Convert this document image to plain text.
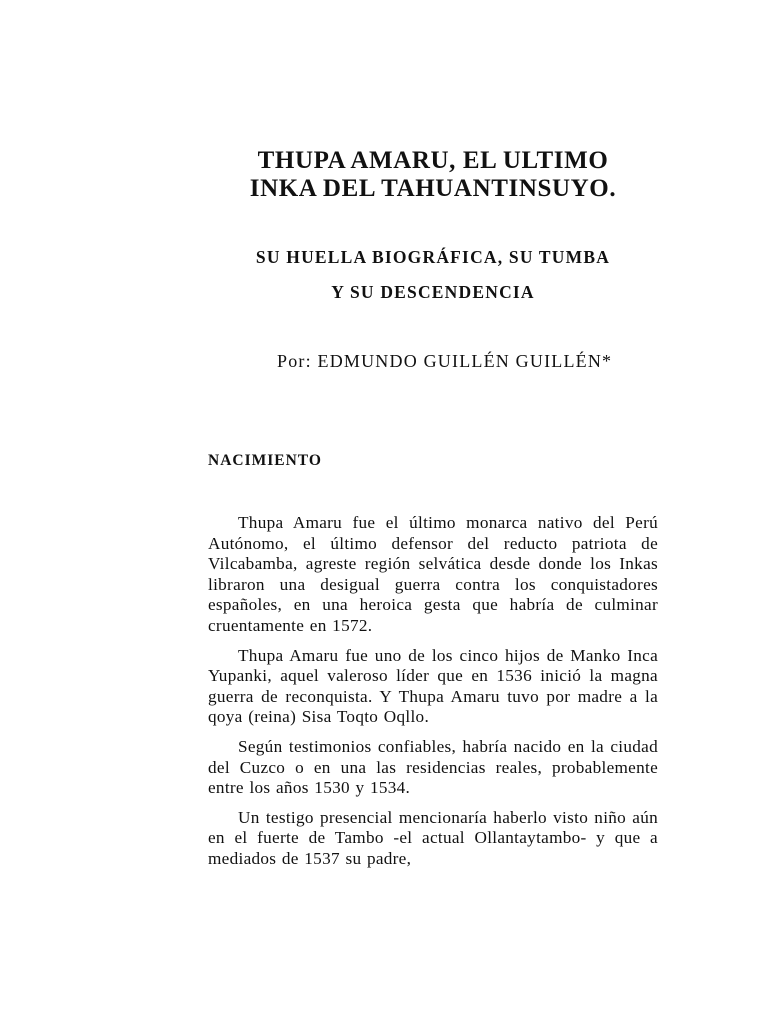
THUPA AMARU, EL ULTIMO
INKA DEL TAHUANTINSUYO.
SU HUELLA BIOGRÁFICA, SU TUMBA
Y SU DESCENDENCIA

Por: EDMUNDO GUILLÉN GUILLÉN*

NACIMIENTO

Thupa Amaru fue el último monarca nativo del Perú Autónomo, el último defensor del reducto patriota de Vilcabamba, agreste región selvática desde donde los Inkas libraron una desigual guerra contra los conquistadores españoles, en una heroica gesta que habría de culminar cruentamente en 1572.

Thupa Amaru fue uno de los cinco hijos de Manko Inca Yupanki, aquel valeroso líder que en 1536 inició la magna guerra de reconquista. Y Thupa Amaru tuvo por madre a la qoya (reina) Sisa Toqto Oqllo.

Según testimonios confiables, habría nacido en la ciudad del Cuzco o en una las residencias reales, probablemente entre los años 1530 y 1534.

Un testigo presencial mencionaría haberlo visto niño aún en el fuerte de Tambo -el actual Ollantaytambo- y que a mediados de 1537 su padre,
